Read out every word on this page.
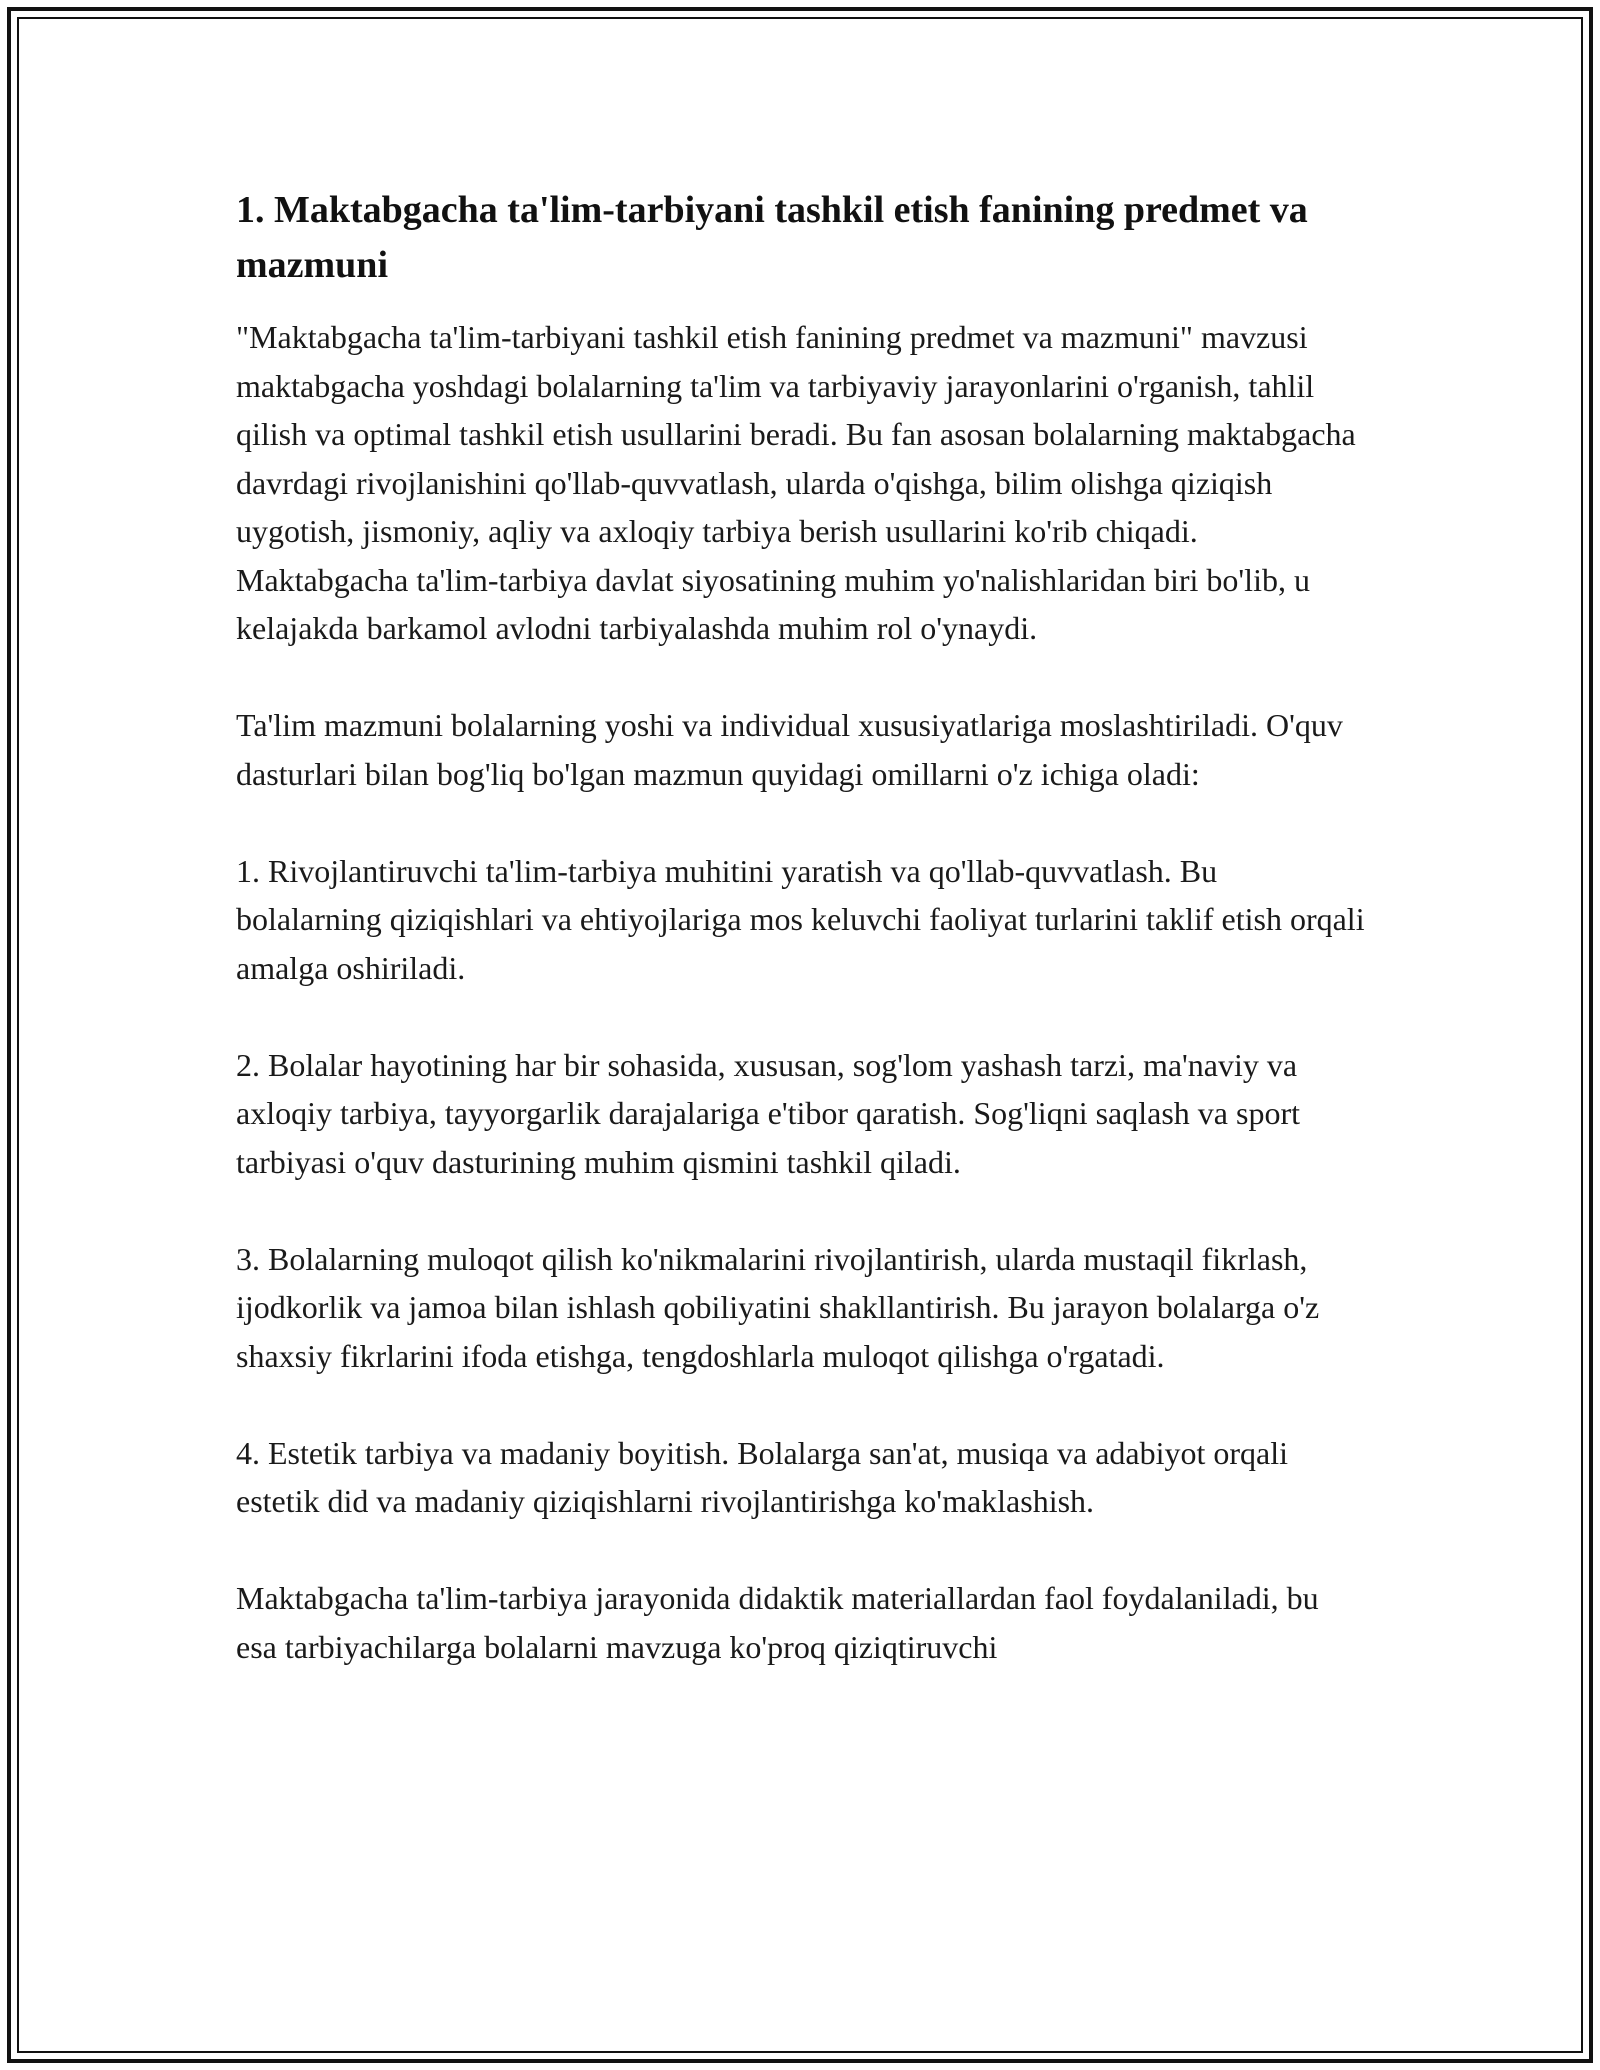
1. Maktabgacha ta'lim-tarbiyani tashkil etish fanining predmet va mazmuni

"Maktabgacha ta'lim-tarbiyani tashkil etish fanining predmet va mazmuni" mavzusi maktabgacha yoshdagi bolalarning ta'lim va tarbiyaviy jarayonlarini o'rganish, tahlil qilish va optimal tashkil etish usullarini beradi. Bu fan asosan bolalarning maktabgacha davrdagi rivojlanishini qo'llab-quvvatlash, ularda o'qishga, bilim olishga qiziqish uygotish, jismoniy, aqliy va axloqiy tarbiya berish usullarini ko'rib chiqadi. Maktabgacha ta'lim-tarbiya davlat siyosatining muhim yo'nalishlaridan biri bo'lib, u kelajakda barkamol avlodni tarbiyalashda muhim rol o'ynaydi.

Ta'lim mazmuni bolalarning yoshi va individual xususiyatlariga moslashtiriladi. O'quv dasturlari bilan bog'liq bo'lgan mazmun quyidagi omillarni o'z ichiga oladi:

1. Rivojlantiruvchi ta'lim-tarbiya muhitini yaratish va qo'llab-quvvatlash. Bu bolalarning qiziqishlari va ehtiyojlariga mos keluvchi faoliyat turlarini taklif etish orqali amalga oshiriladi.

2. Bolalar hayotining har bir sohasida, xususan, sog'lom yashash tarzi, ma'naviy va axloqiy tarbiya, tayyorgarlik darajalariga e'tibor qaratish. Sog'liqni saqlash va sport tarbiyasi o'quv dasturining muhim qismini tashkil qiladi.

3. Bolalarning muloqot qilish ko'nikmalarini rivojlantirish, ularda mustaqil fikrlash, ijodkorlik va jamoa bilan ishlash qobiliyatini shakllantirish. Bu jarayon bolalarga o'z shaxsiy fikrlarini ifoda etishga, tengdoshlarla muloqot qilishga o'rgatadi.

4. Estetik tarbiya va madaniy boyitish. Bolalarga san'at, musiqa va adabiyot orqali estetik did va madaniy qiziqishlarni rivojlantirishga ko'maklashish.

Maktabgacha ta'lim-tarbiya jarayonida didaktik materiallardan faol foydalaniladi, bu esa tarbiyachilarga bolalarni mavzuga ko'proq qiziqtiruvchi
